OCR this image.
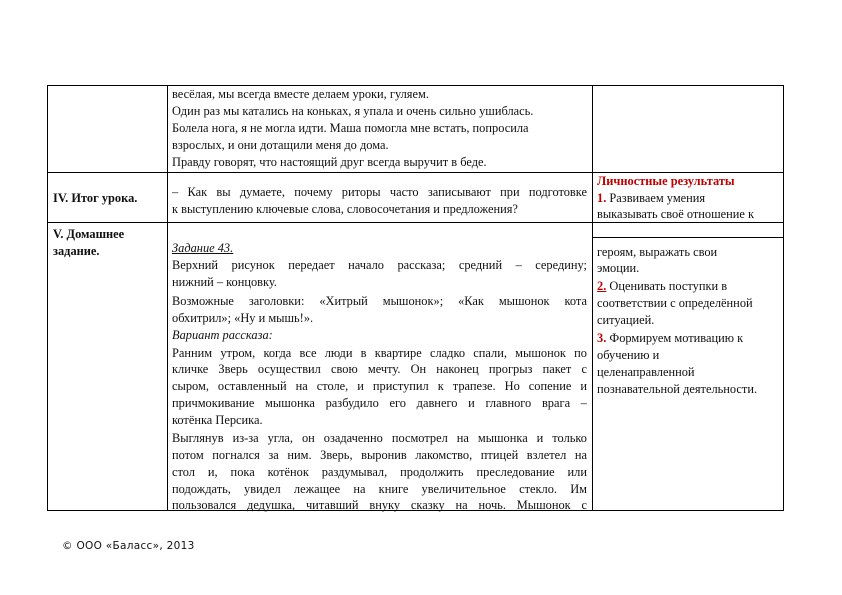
весёлая, мы всегда вместе делаем уроки, гуляем.
Один раз мы катались на коньках, я упала и очень сильно ушиблась.
Болела нога, я не могла идти. Маша помогла мне встать, попросила
взрослых, и они дотащили меня до дома.
Правду говорят, что настоящий друг всегда выручит в беде.
IV. Итог урока.	– Как вы думаете, почему риторы часто записывают при подготовке
к выступлению ключевые слова, словосочетания и предложения?
Личностные результаты
1. Развиваем умения
выказывать своё отношение к
V. Домашнее
задание.	Задание 43.
Верхний рисунок передает начало рассказа; средний – середину;
нижний – концовку.
Возможные заголовки: «Хитрый мышонок»; «Как мышонок кота
обхитрил»; «Ну и мышь!».
Вариант рассказа:
Ранним утром, когда все люди в квартире сладко спали, мышонок по
кличке Зверь осуществил свою мечту. Он наконец прогрыз пакет с
сыром, оставленный на столе, и приступил к трапезе. Но сопение и
причмокивание мышонка разбудило его давнего и главного врага –
котёнка Персика.
Выглянув из-за угла, он озадаченно посмотрел на мышонка и только
потом погнался за ним. Зверь, выронив лакомство, птицей взлетел на
стол и, пока котёнок раздумывал, продолжить преследование или
подождать, увидел лежащее на книге увеличительное стекло. Им
пользовался дедушка, читавший внуку сказку на ночь. Мышонок с
героям, выражать свои
эмоции.
2. Оценивать поступки в
соответствии с определённой
ситуацией.
3. Формируем мотивацию к
обучению и
целенаправленной
познавательной деятельности.
© ООО «Баласс», 2013
